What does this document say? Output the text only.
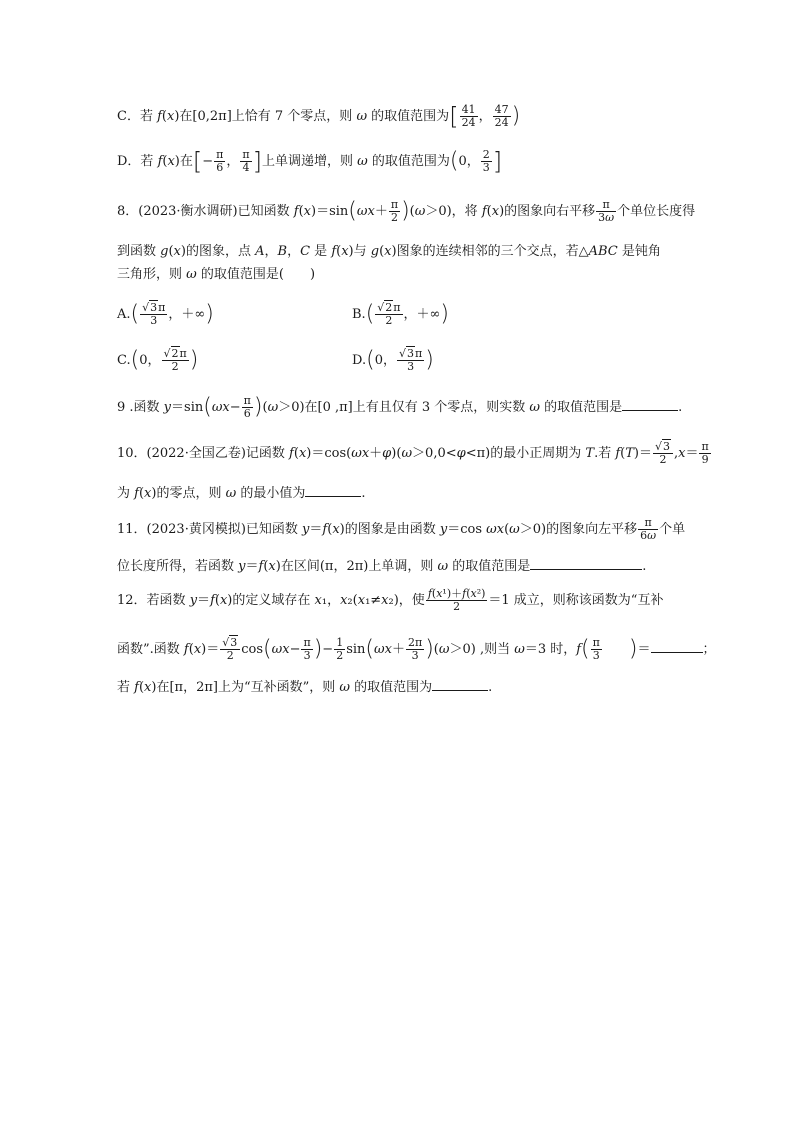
C．若 f(x)在[0,2π]上恰有 7 个零点，则 ω 的取值范围为[ $\frac{41}{24}$ ， $\frac{47}{24}$ )
D．若 f(x)在[− $\frac{\pi}{6}$ ， $\frac{\pi}{4}$ ]上单调递增，则 ω 的取值范围为(0， $\frac{2}{3}$ ]
8．(2023·衡水调研)已知函数 $f(x)=\sin(\omega x+ \frac{\pi}{2} )(\omega>0)$，将 f(x)的图象向右平移 $\frac{\pi}{3\omega}$ 个单位长度得
到函数 g(x)的图象，点 A，B，C 是 f(x)与 g(x)图象的连续相邻的三个交点，若△ABC 是钝角
三角形，则 ω 的取值范围是(　　)
$A.( \frac{√3\pi}{3}$ ，＋∞)	$B.( \frac{√2\pi}{2}$ ，＋∞)
C.(0， $\frac{√2\pi}{2}$ )	D.(0， $\frac{√3\pi}{3}$ )
9 .函数 $y=\sin(\omega x- \frac{\pi}{6} )(\omega>0)$在[0 ,π]上有且仅有 3 个零点，则实数 ω 的取值范围是	.
10．(2022·全国乙卷)记函数 f(x)＝cos(ωx＋φ)(ω＞0,0<φ<π)的最小正周期为 T.若 $f(T)= \frac{√3}{2} ,x= \frac{\pi}{9}$
为 f(x)的零点，则 ω 的最小值为	.
11．(2023·黄冈模拟)已知函数 y＝f(x)的图象是由函数 y＝cos ωx(ω＞0)的图象向左平移 $\frac{\pi}{6\omega}$ 个单
位长度所得，若函数 y＝f(x)在区间(π，2π)上单调，则 ω 的取值范围是	.
12．若函数 y＝f(x)的定义域存在 x₁，x₂(x₁≠x₂)，使 $\frac{\text{f(x¹)＋f(x²)}}{2} =1$ 成立，则称该函数为“互补
函数”.函数 $f(x)= \frac{√3}{2} \cos(\omega x- \frac{\pi}{3}$ )− $\frac{1}{2} \sin(\omega x+ \frac{2\pi}{3} )(\omega>0)$ ,则当 ω＝3 时，$f( \frac{\pi}{3}$
　　 )＝	；
若 f(x)在[π，2π]上为“互补函数”，则 ω 的取值范围为	.
